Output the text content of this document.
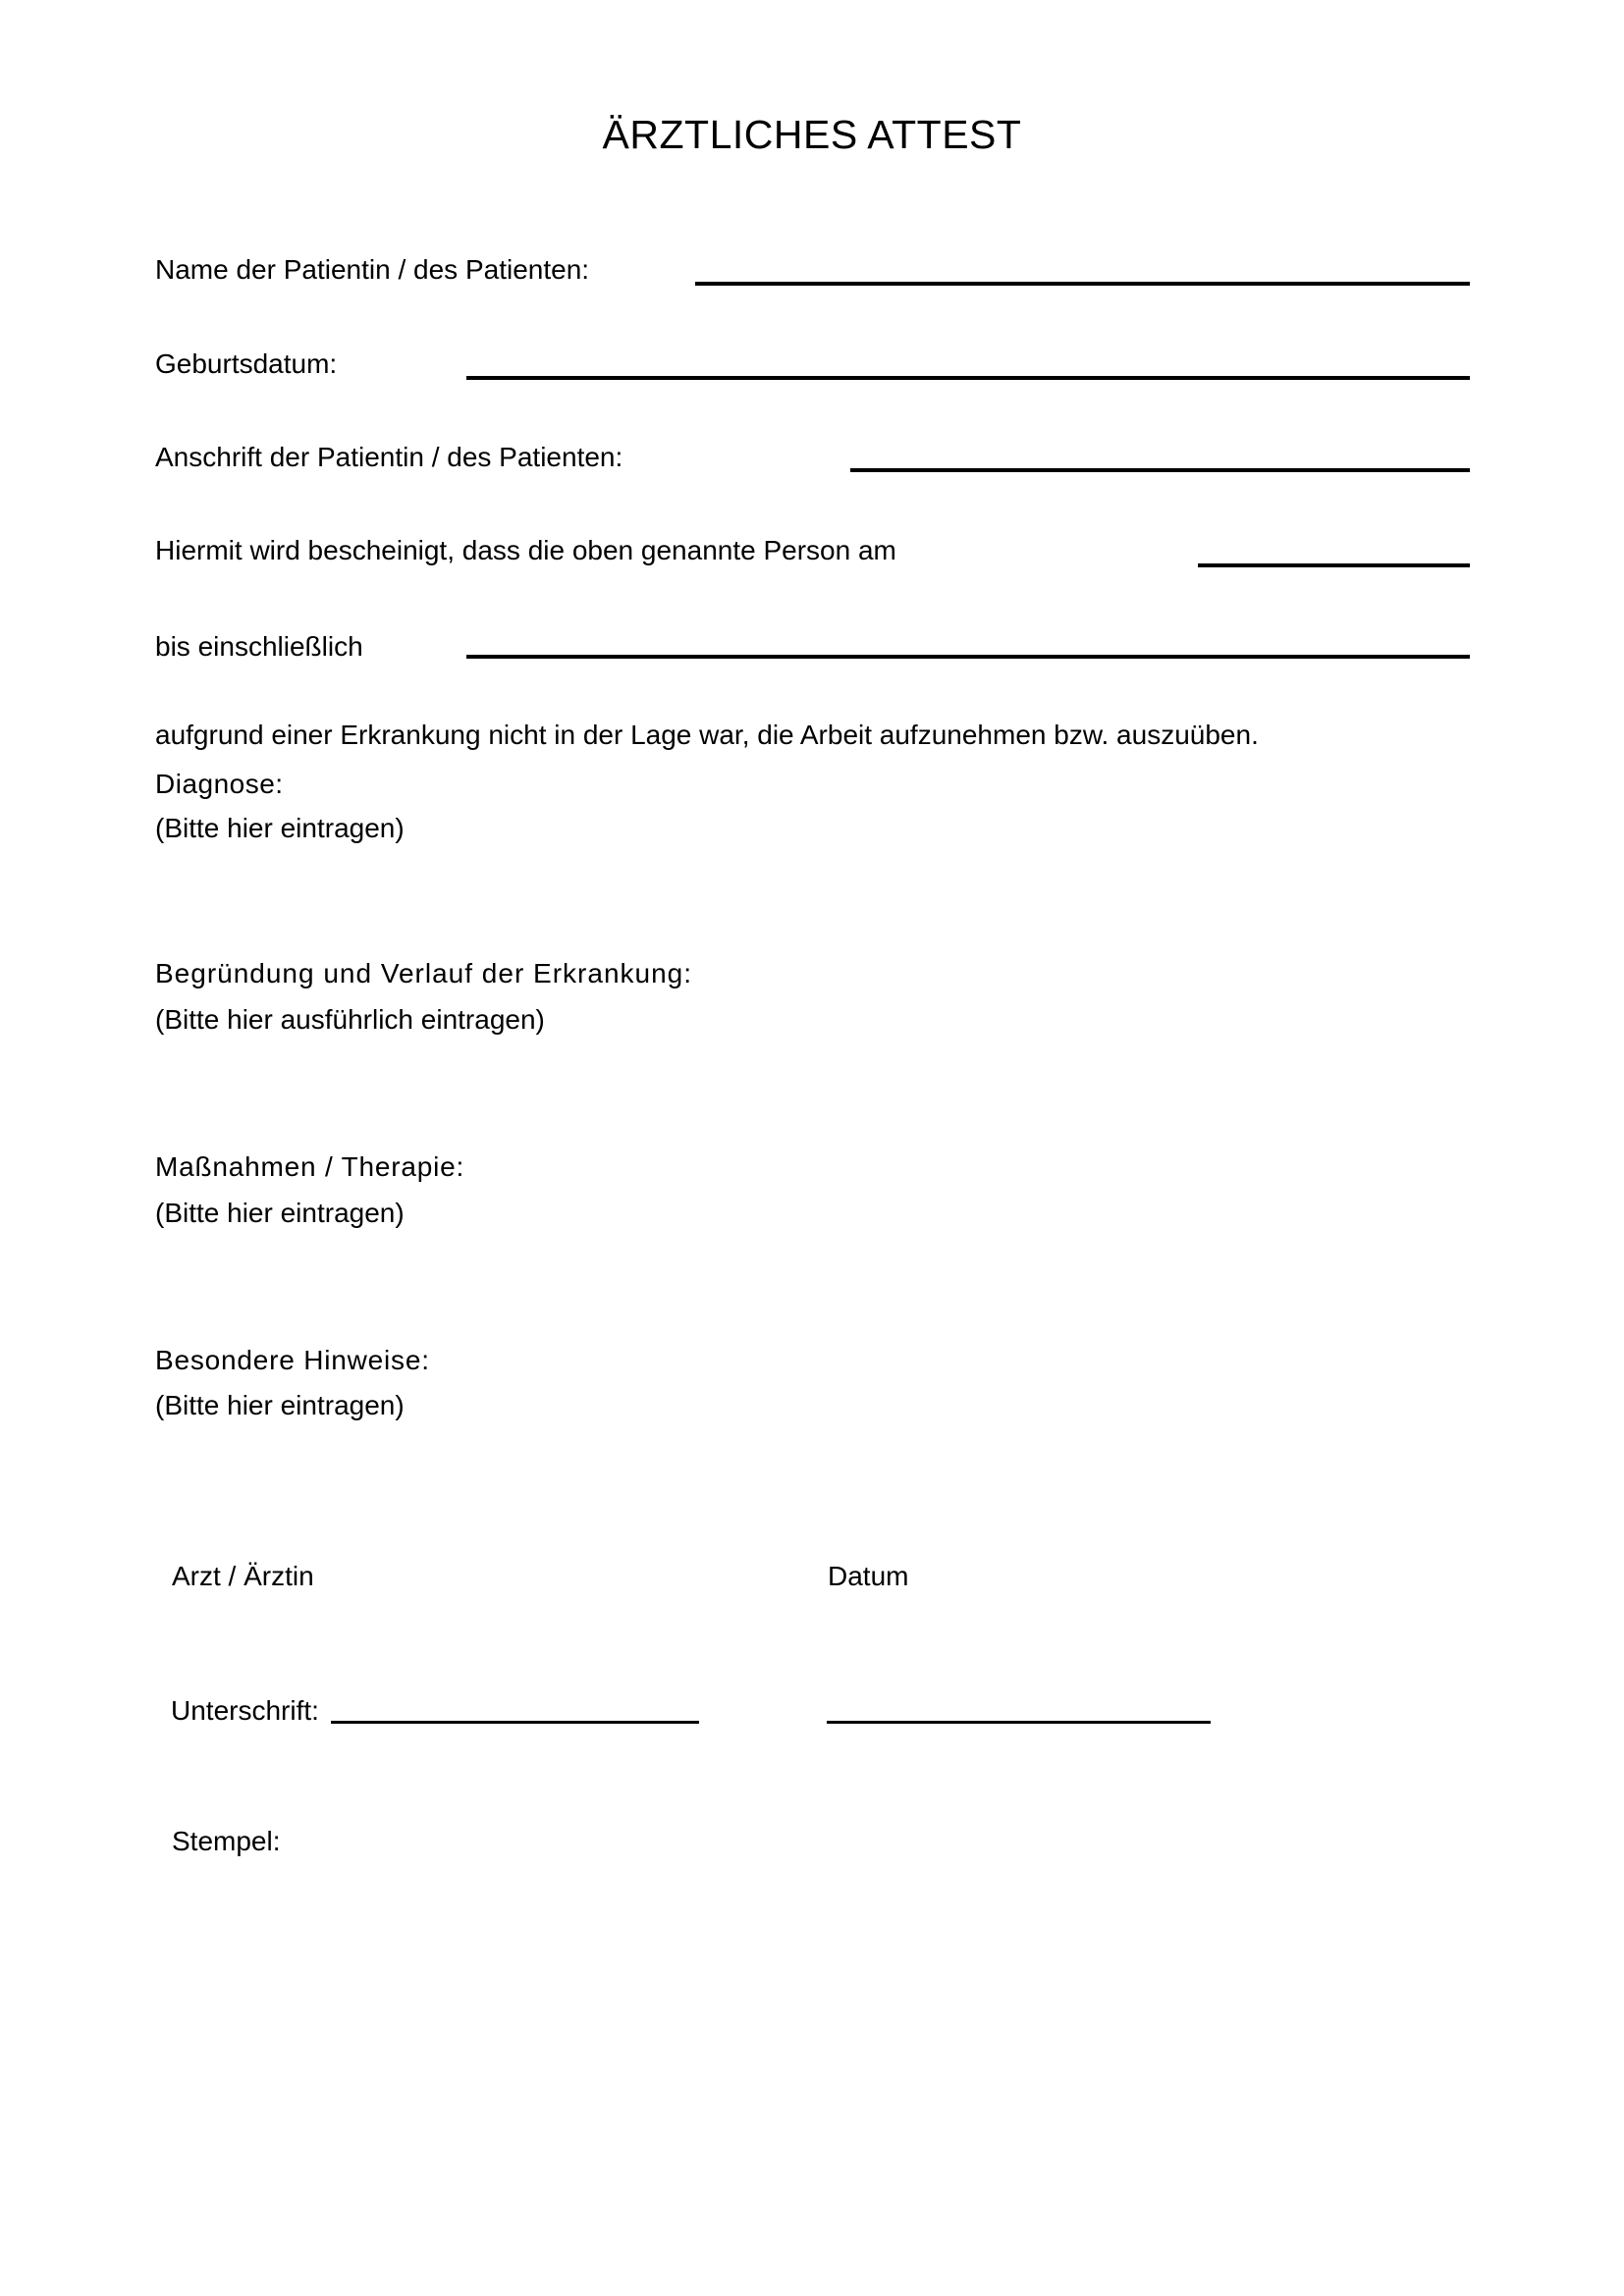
ÄRZTLICHES ATTEST
Name der Patientin / des Patienten:
Geburtsdatum:
Anschrift der Patientin / des Patienten:
Hiermit wird bescheinigt, dass die oben genannte Person am
bis einschließlich
aufgrund einer Erkrankung nicht in der Lage war, die Arbeit aufzunehmen bzw. auszuüben.
Diagnose:
(Bitte hier eintragen)
Begründung und Verlauf der Erkrankung:
(Bitte hier ausführlich eintragen)
Maßnahmen / Therapie:
(Bitte hier eintragen)
Besondere Hinweise:
(Bitte hier eintragen)
Arzt / Ärztin	Datum
Unterschrift:
Stempel:
